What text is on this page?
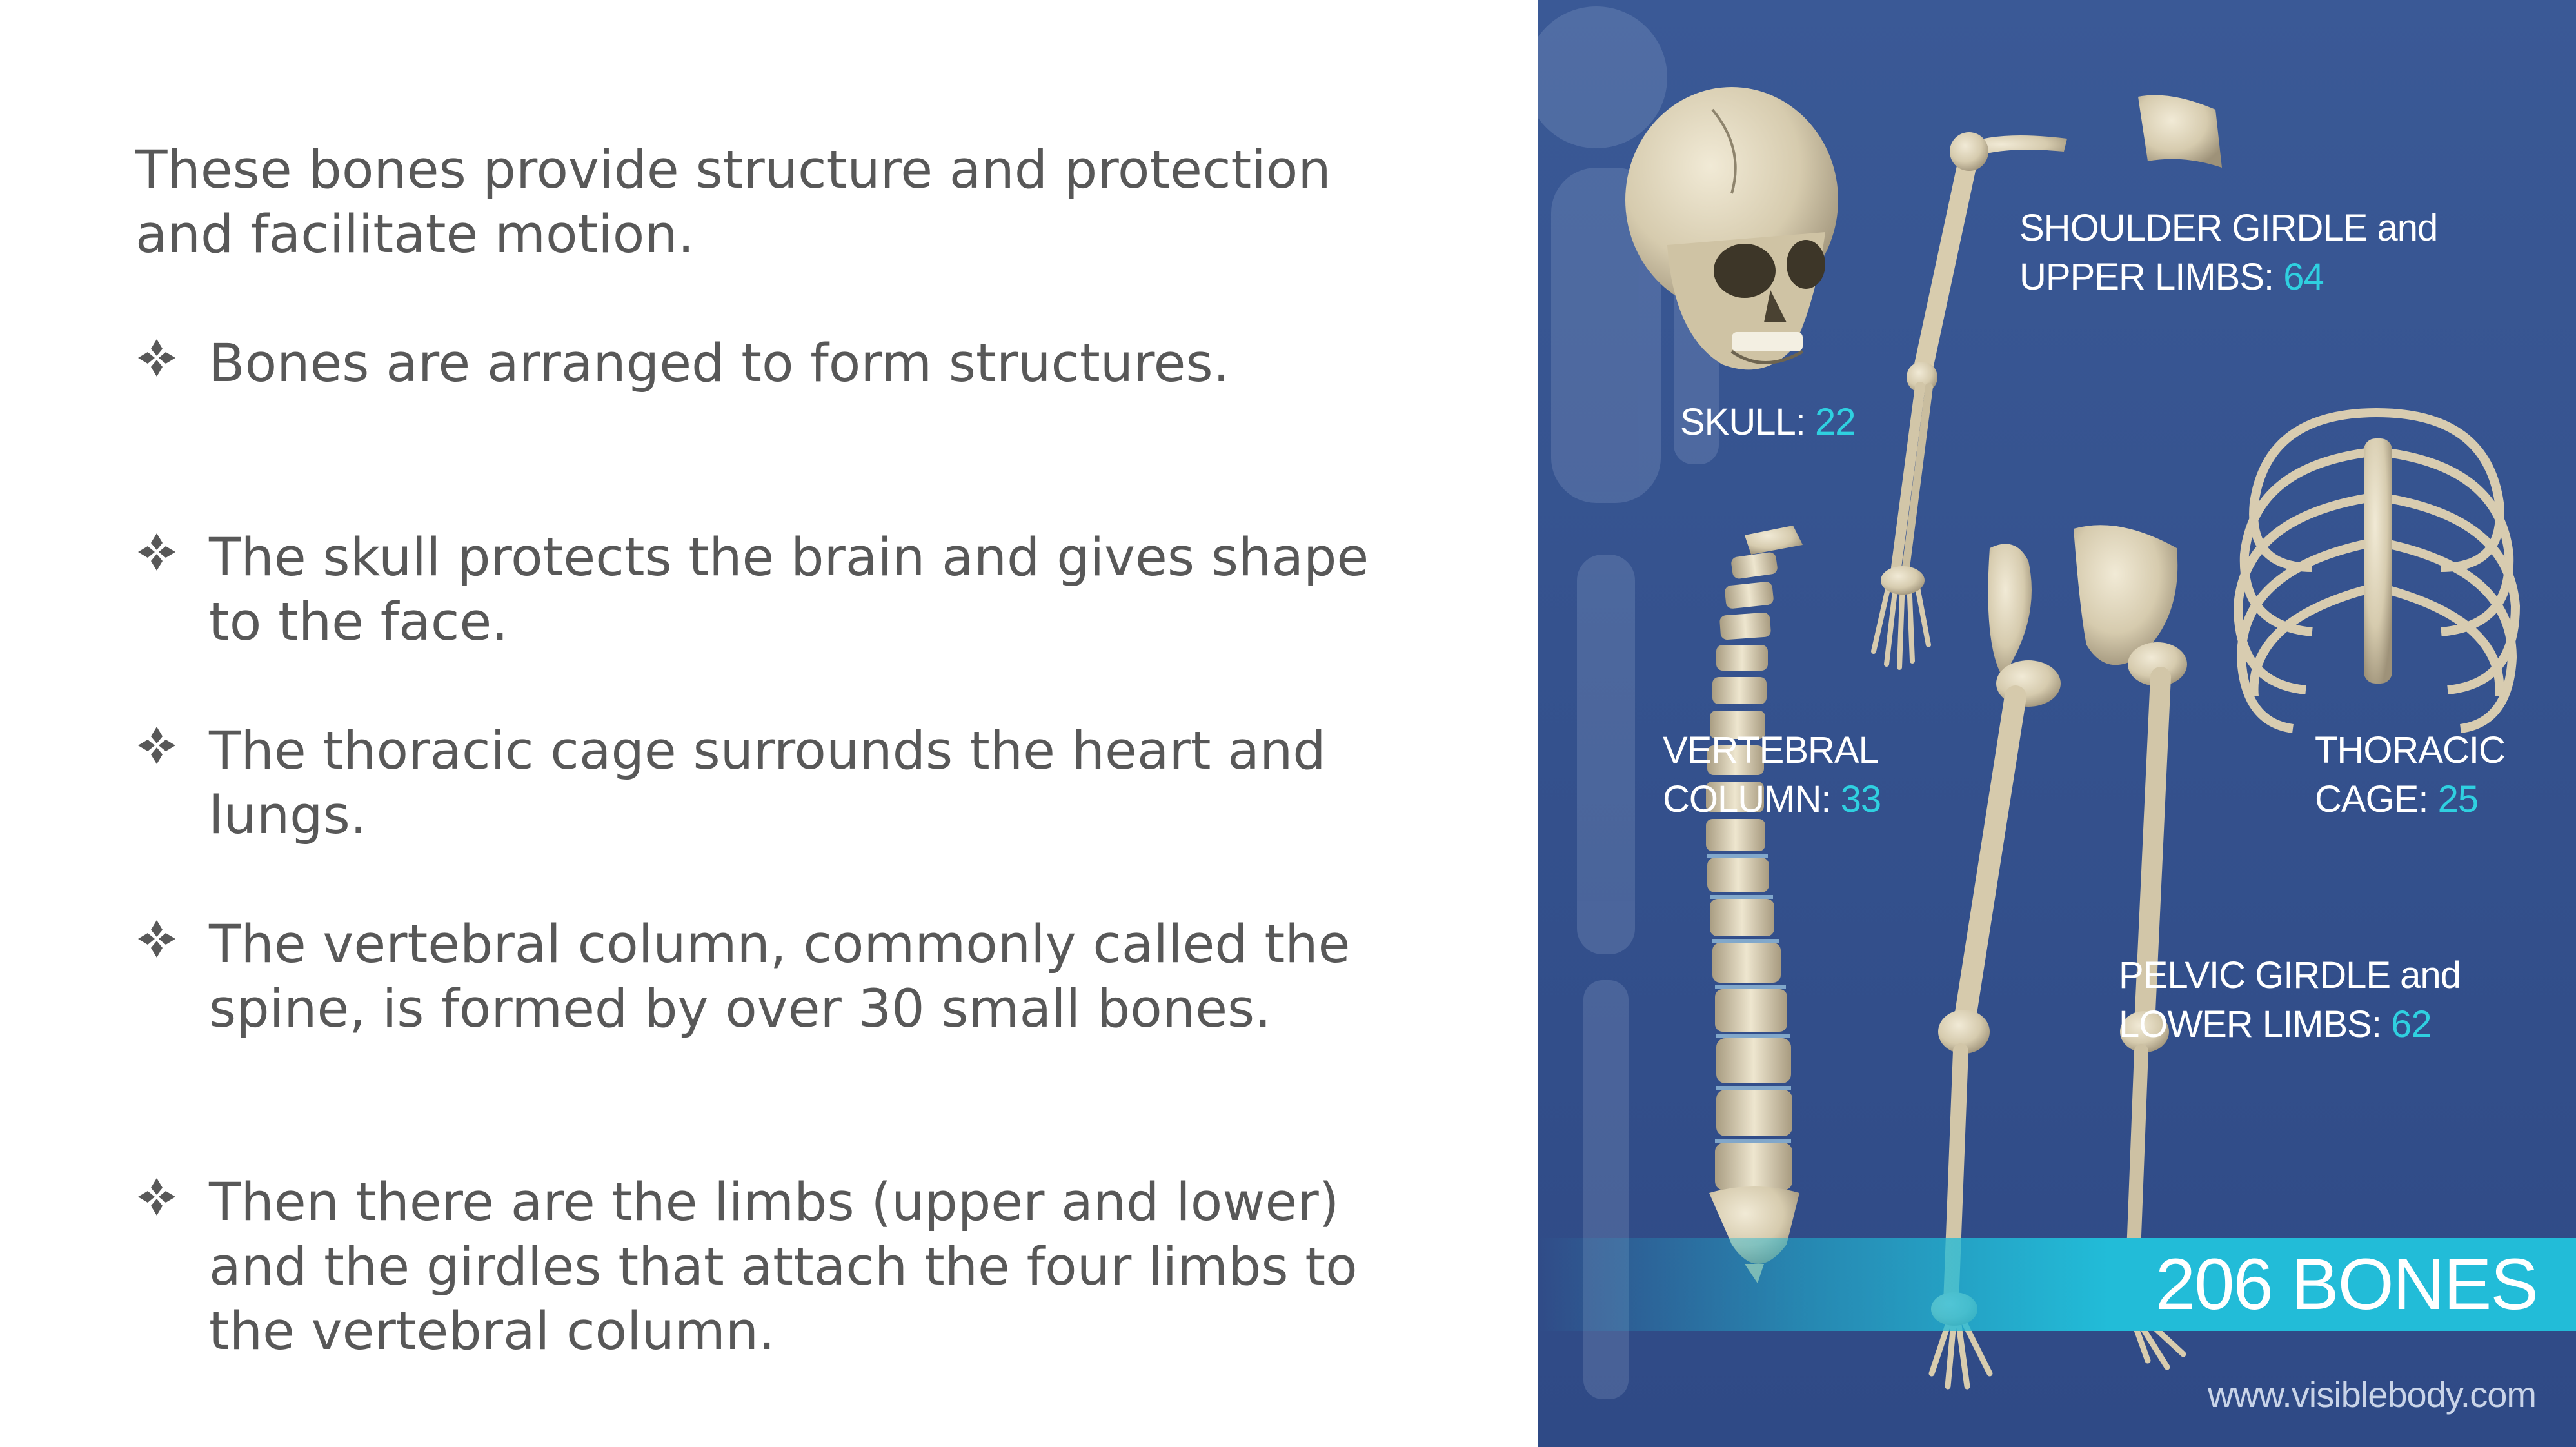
These bones provide structure and protection and facilitate motion.

Bones are arranged to form structures.

The skull protects the brain and gives shape to the face.

The thoracic cage surrounds the heart and lungs.

The vertebral column, commonly called the spine, is formed by over 30 small bones.

Then there are the limbs (upper and lower) and the girdles that attach the four limbs to the vertebral column.

SKULL: 22
SHOULDER GIRDLE and
UPPER LIMBS: 64
VERTEBRAL
COLUMN: 33
THORACIC
CAGE: 25
PELVIC GIRDLE and
LOWER LIMBS: 62
206 BONES
www.visiblebody.com
